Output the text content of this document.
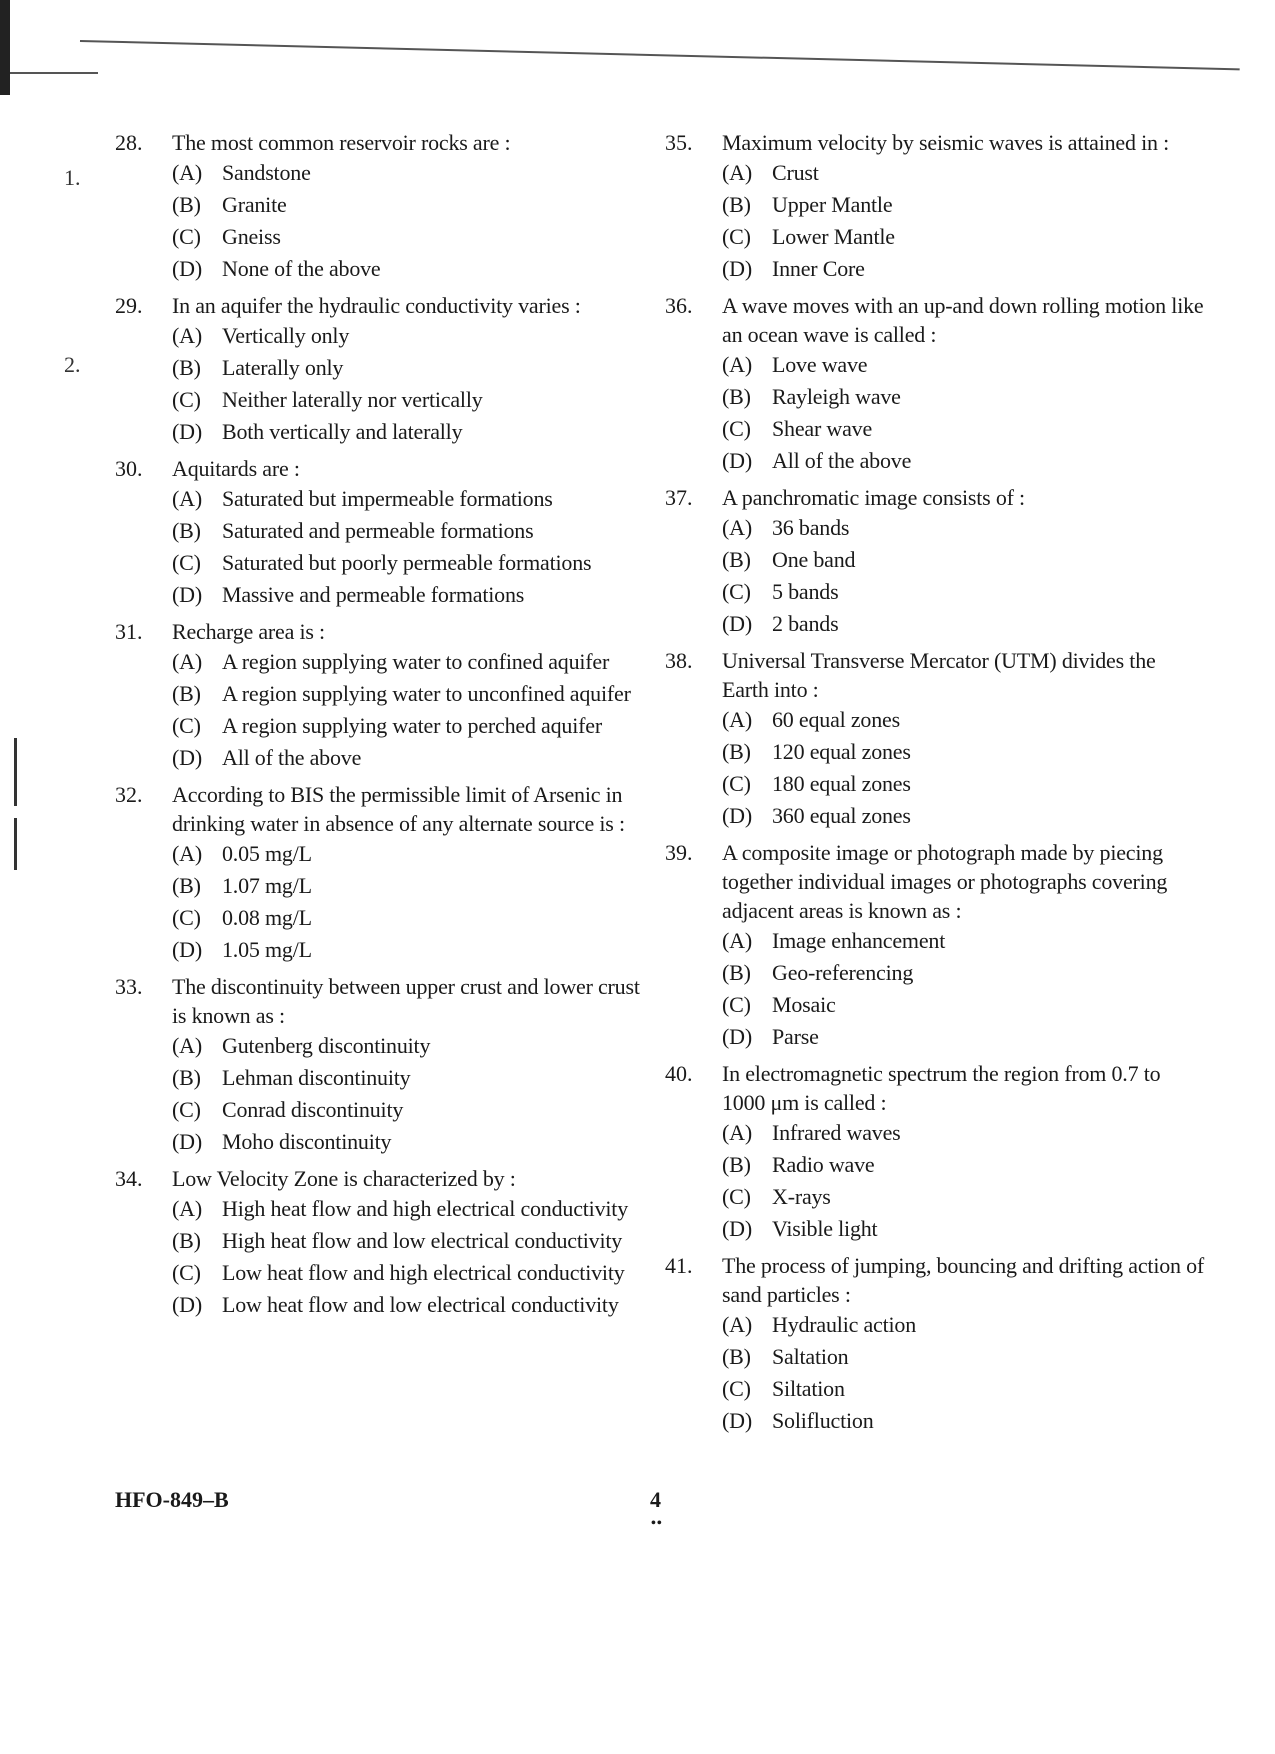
1.
2.
28.	The most common reservoir rocks are :
(A) Sandstone
(B) Granite
(C) Gneiss
(D) None of the above
29.	In an aquifer the hydraulic conductivity varies :
(A) Vertically only
(B) Laterally only
(C) Neither laterally nor vertically
(D) Both vertically and laterally
30.	Aquitards are :
(A) Saturated but impermeable formations
(B) Saturated and permeable formations
(C) Saturated but poorly permeable formations
(D) Massive and permeable formations
31.	Recharge area is :
(A) A region supplying water to confined aquifer
(B) A region supplying water to unconfined aquifer
(C) A region supplying water to perched aquifer
(D) All of the above
32.	According to BIS the permissible limit of Arsenic in drinking water in absence of any alternate source is :
(A) 0.05 mg/L
(B) 1.07 mg/L
(C) 0.08 mg/L
(D) 1.05 mg/L
33.	The discontinuity between upper crust and lower crust is known as :
(A) Gutenberg discontinuity
(B) Lehman discontinuity
(C) Conrad discontinuity
(D) Moho discontinuity
34.	Low Velocity Zone is characterized by :
(A) High heat flow and high electrical conductivity
(B) High heat flow and low electrical conductivity
(C) Low heat flow and high electrical conductivity
(D) Low heat flow and low electrical conductivity
35.	Maximum velocity by seismic waves is attained in :
(A) Crust
(B) Upper Mantle
(C) Lower Mantle
(D) Inner Core
36.	A wave moves with an up-and down rolling motion like an ocean wave is called :
(A) Love wave
(B) Rayleigh wave
(C) Shear wave
(D) All of the above
37.	A panchromatic image consists of :
(A) 36 bands
(B) One band
(C) 5 bands
(D) 2 bands
38.	Universal Transverse Mercator (UTM) divides the Earth into :
(A) 60 equal zones
(B) 120 equal zones
(C) 180 equal zones
(D) 360 equal zones
39.	A composite image or photograph made by piecing together individual images or photographs covering adjacent areas is known as :
(A) Image enhancement
(B) Geo-referencing
(C) Mosaic
(D) Parse
40.	In electromagnetic spectrum the region from 0.7 to 1000 μm is called :
(A) Infrared waves
(B) Radio wave
(C) X-rays
(D) Visible light
41.	The process of jumping, bouncing and drifting action of sand particles :
(A) Hydraulic action
(B) Saltation
(C) Siltation
(D) Solifluction
HFO-849–B	4
••
